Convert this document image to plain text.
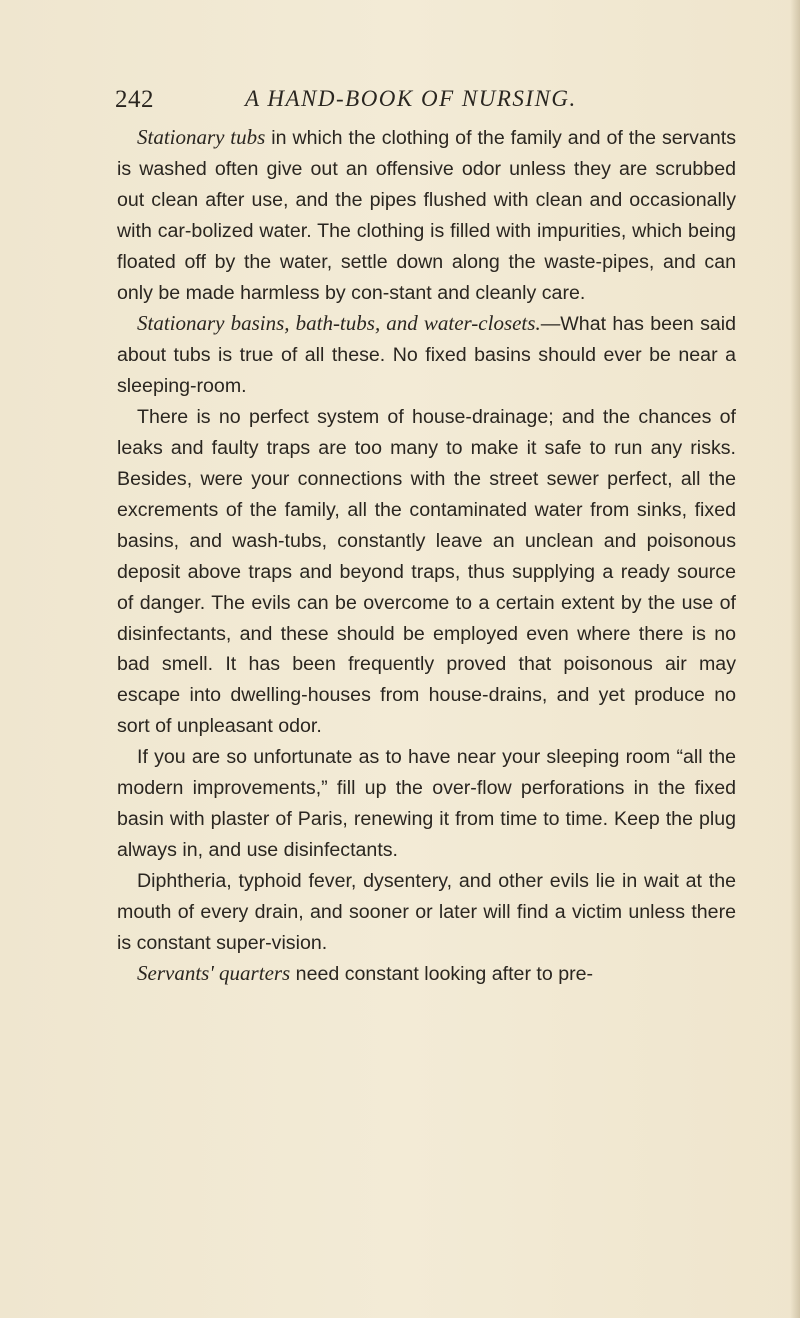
242	A HAND-BOOK OF NURSING.

Stationary tubs in which the clothing of the family and of the servants is washed often give out an offensive odor unless they are scrubbed out clean after use, and the pipes flushed with clean and occasionally with car-bolized water. The clothing is filled with impurities, which being floated off by the water, settle down along the waste-pipes, and can only be made harmless by con-stant and cleanly care.

Stationary basins, bath-tubs, and water-closets.—What has been said about tubs is true of all these. No fixed basins should ever be near a sleeping-room.

There is no perfect system of house-drainage; and the chances of leaks and faulty traps are too many to make it safe to run any risks. Besides, were your connections with the street sewer perfect, all the excrements of the family, all the contaminated water from sinks, fixed basins, and wash-tubs, constantly leave an unclean and poisonous deposit above traps and beyond traps, thus supplying a ready source of danger. The evils can be overcome to a certain extent by the use of disinfectants, and these should be employed even where there is no bad smell. It has been frequently proved that poisonous air may escape into dwelling-houses from house-drains, and yet produce no sort of unpleasant odor.

If you are so unfortunate as to have near your sleeping room “all the modern improvements,” fill up the over-flow perforations in the fixed basin with plaster of Paris, renewing it from time to time. Keep the plug always in, and use disinfectants.

Diphtheria, typhoid fever, dysentery, and other evils lie in wait at the mouth of every drain, and sooner or later will find a victim unless there is constant super-vision.

Servants' quarters need constant looking after to pre-
